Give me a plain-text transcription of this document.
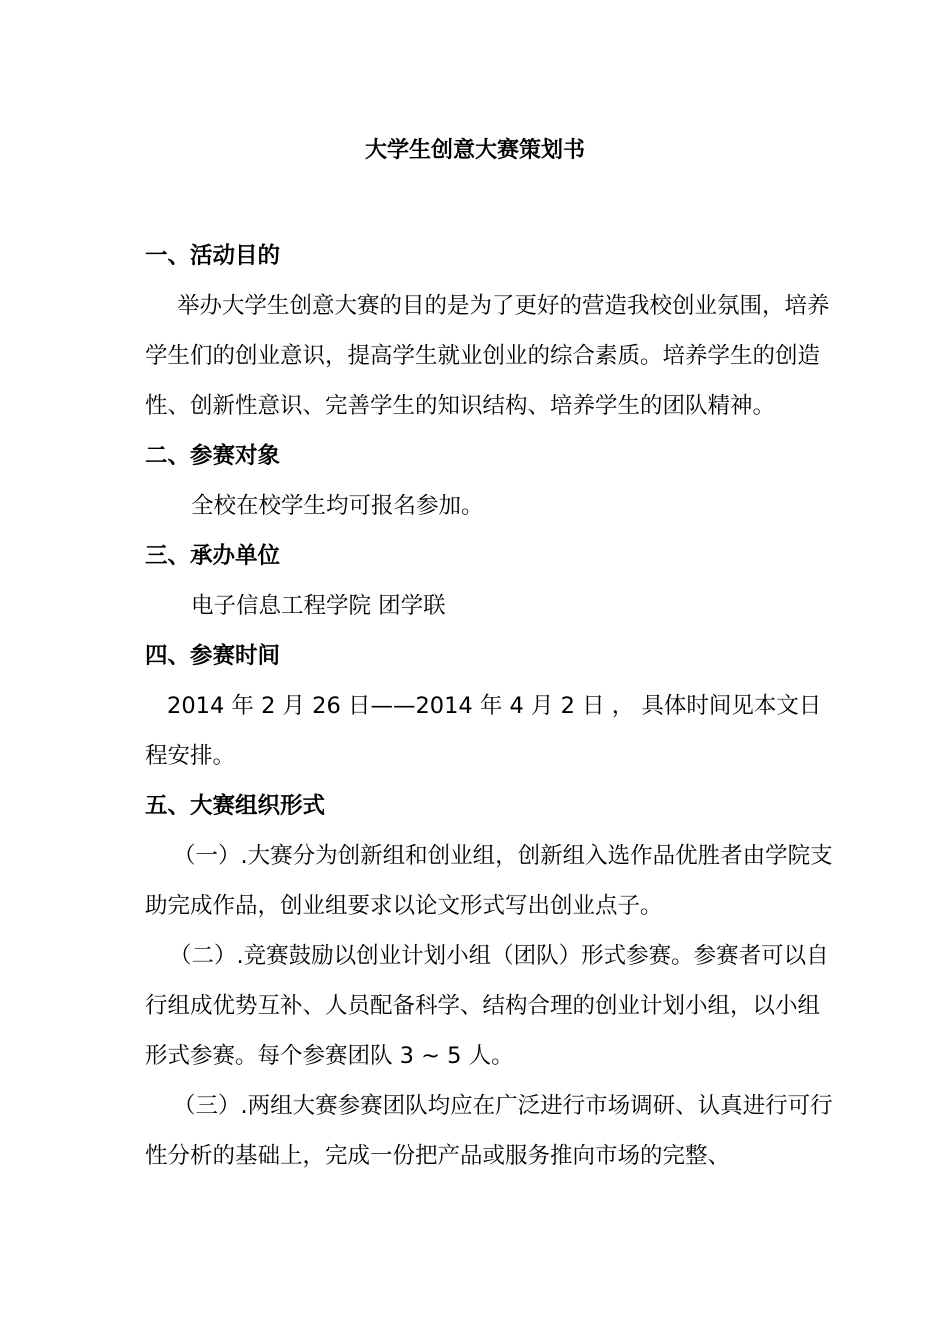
大学生创意大赛策划书
一、活动目的

举办大学生创意大赛的目的是为了更好的营造我校创业氛围，培养学生们的创业意识，提高学生就业创业的综合素质。培养学生的创造性、创新性意识、完善学生的知识结构、培养学生的团队精神。

二、参赛对象

全校在校学生均可报名参加。

三、承办单位

电子信息工程学院 团学联

四、参赛时间

2014 年 2 月 26 日——2014 年 4 月 2 日 ， 具体时间见本文日程安排。

五、大赛组织形式

（一）.大赛分为创新组和创业组，创新组入选作品优胜者由学院支助完成作品，创业组要求以论文形式写出创业点子。

（二）.竞赛鼓励以创业计划小组（团队）形式参赛。参赛者可以自行组成优势互补、人员配备科学、结构合理的创业计划小组，以小组形式参赛。每个参赛团队 3 ~ 5 人。

（三）.两组大赛参赛团队均应在广泛进行市场调研、认真进行可行性分析的基础上，完成一份把产品或服务推向市场的完整、
